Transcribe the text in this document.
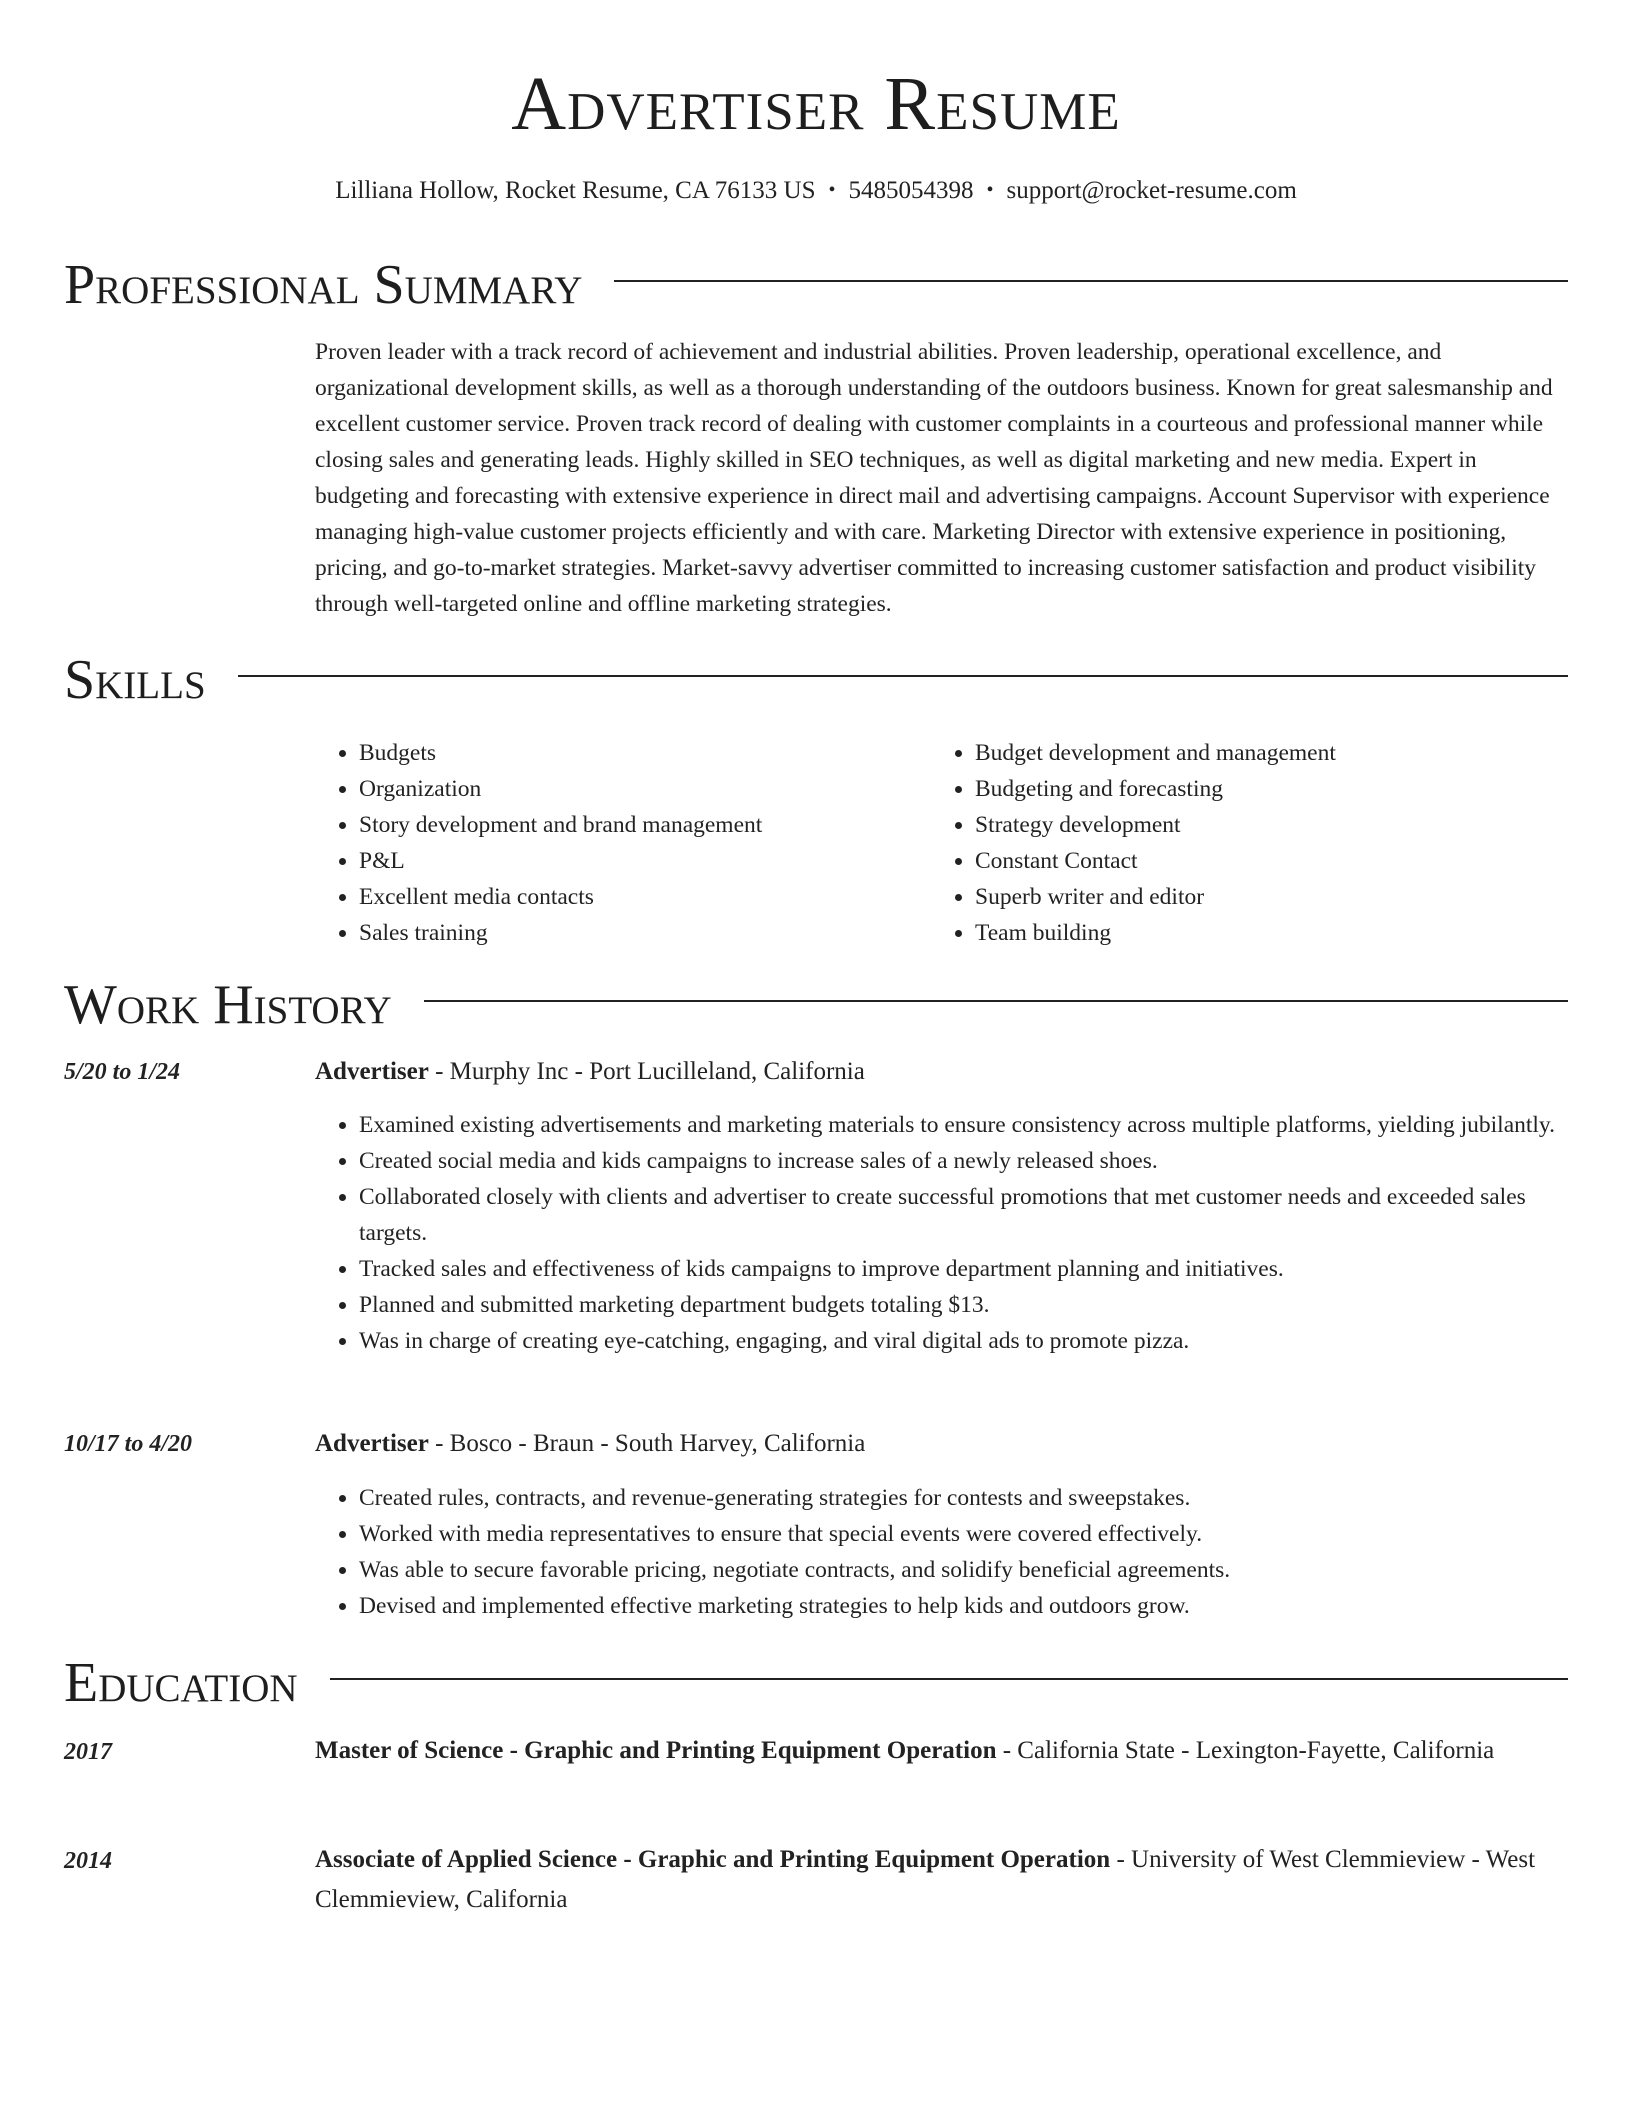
Advertiser Resume
Lilliana Hollow, Rocket Resume, CA 76133 US • 5485054398 • support@rocket-resume.com
Professional Summary

Proven leader with a track record of achievement and industrial abilities. Proven leadership, operational excellence, and organizational development skills, as well as a thorough understanding of the outdoors business. Known for great salesmanship and excellent customer service. Proven track record of dealing with customer complaints in a courteous and professional manner while closing sales and generating leads. Highly skilled in SEO techniques, as well as digital marketing and new media. Expert in budgeting and forecasting with extensive experience in direct mail and advertising campaigns. Account Supervisor with experience managing high-value customer projects efficiently and with care. Marketing Director with extensive experience in positioning, pricing, and go-to-market strategies. Market-savvy advertiser committed to increasing customer satisfaction and product visibility through well-targeted online and offline marketing strategies.

Skills
• Budgets
• Organization
• Story development and brand management
• P&L
• Excellent media contacts
• Sales training
• Budget development and management
• Budgeting and forecasting
• Strategy development
• Constant Contact
• Superb writer and editor
• Team building
Work History
5/20 to 1/24	Advertiser - Murphy Inc - Port Lucilleland, California
• Examined existing advertisements and marketing materials to ensure consistency across multiple platforms, yielding jubilantly.
• Created social media and kids campaigns to increase sales of a newly released shoes.
• Collaborated closely with clients and advertiser to create successful promotions that met customer needs and exceeded sales targets.
• Tracked sales and effectiveness of kids campaigns to improve department planning and initiatives.
• Planned and submitted marketing department budgets totaling $13.
• Was in charge of creating eye-catching, engaging, and viral digital ads to promote pizza.
10/17 to 4/20	Advertiser - Bosco - Braun - South Harvey, California
• Created rules, contracts, and revenue-generating strategies for contests and sweepstakes.
• Worked with media representatives to ensure that special events were covered effectively.
• Was able to secure favorable pricing, negotiate contracts, and solidify beneficial agreements.
• Devised and implemented effective marketing strategies to help kids and outdoors grow.
Education
2017	Master of Science - Graphic and Printing Equipment Operation - California State - Lexington-Fayette, California
2014	Associate of Applied Science - Graphic and Printing Equipment Operation - University of West Clemmieview - West Clemmieview, California
